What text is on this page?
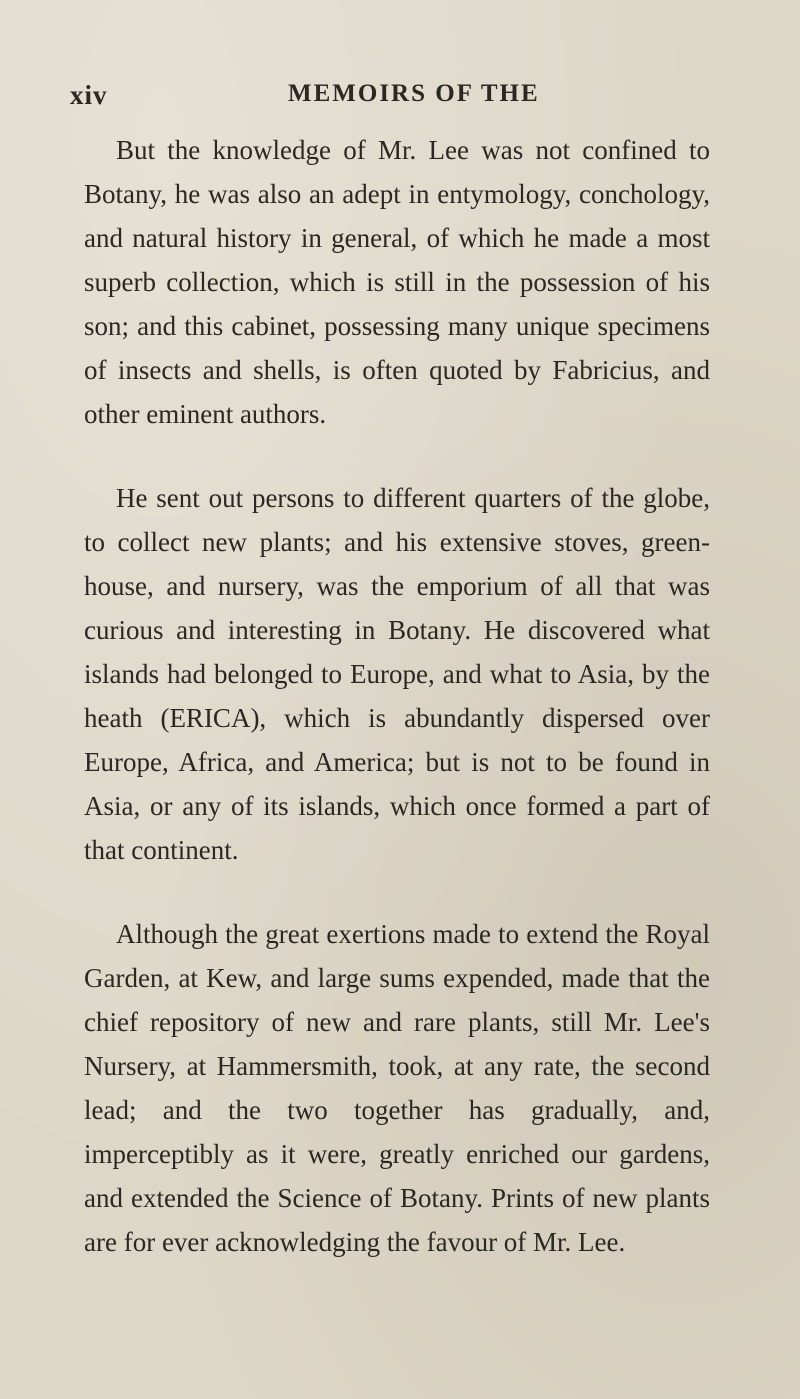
xiv	MEMOIRS OF THE

But the knowledge of Mr. Lee was not confined to Botany, he was also an adept in entymology, conchology, and natural history in general, of which he made a most superb collection, which is still in the possession of his son; and this cabinet, possessing many unique specimens of insects and shells, is often quoted by Fabricius, and other eminent authors.

He sent out persons to different quarters of the globe, to collect new plants; and his extensive stoves, green-house, and nursery, was the emporium of all that was curious and interesting in Botany. He discovered what islands had belonged to Europe, and what to Asia, by the heath (ERICA), which is abundantly dispersed over Europe, Africa, and America; but is not to be found in Asia, or any of its islands, which once formed a part of that continent.

Although the great exertions made to extend the Royal Garden, at Kew, and large sums expended, made that the chief repository of new and rare plants, still Mr. Lee's Nursery, at Hammersmith, took, at any rate, the second lead; and the two together has gradually, and, imperceptibly as it were, greatly enriched our gardens, and extended the Science of Botany. Prints of new plants are for ever acknowledging the favour of Mr. Lee.
